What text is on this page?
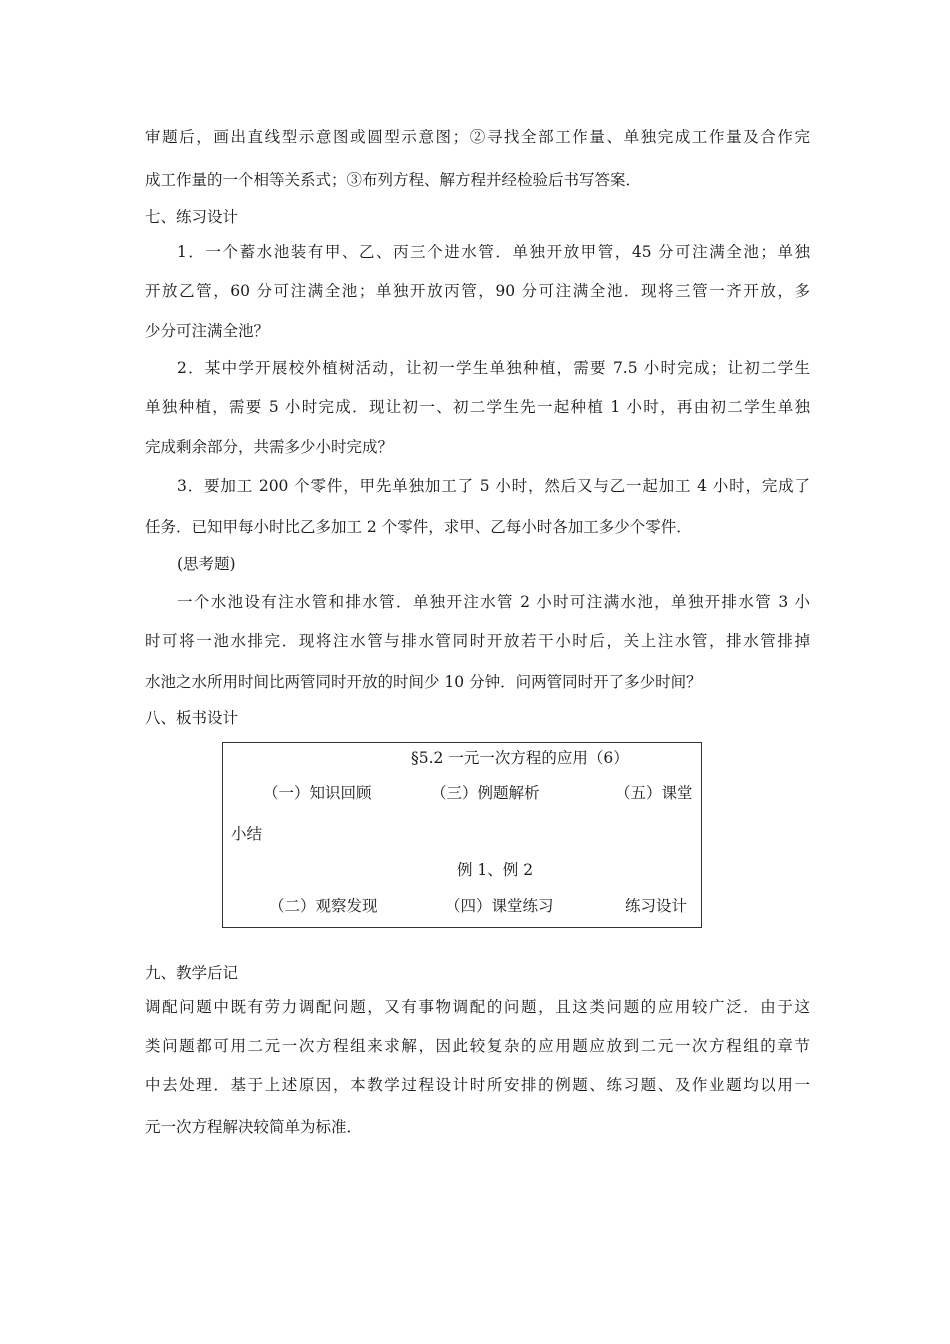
审题后，画出直线型示意图或圆型示意图；②寻找全部工作量、单独完成工作量及合作完
成工作量的一个相等关系式；③布列方程、解方程并经检验后书写答案．
七、练习设计
1．一个蓄水池装有甲、乙、丙三个进水管．单独开放甲管，45 分可注满全池；单独
开放乙管，60 分可注满全池；单独开放丙管，90 分可注满全池．现将三管一齐开放，多
少分可注满全池？
2．某中学开展校外植树活动，让初一学生单独种植，需要 7.5 小时完成；让初二学生
单独种植，需要 5 小时完成．现让初一、初二学生先一起种植 1 小时，再由初二学生单独
完成剩余部分，共需多少小时完成？
3．要加工 200 个零件，甲先单独加工了 5 小时，然后又与乙一起加工 4 小时，完成了
任务．已知甲每小时比乙多加工 2 个零件，求甲、乙每小时各加工多少个零件．
(思考题)
一个水池设有注水管和排水管．单独开注水管 2 小时可注满水池，单独开排水管 3 小
时可将一池水排完．现将注水管与排水管同时开放若干小时后，关上注水管，排水管排掉
水池之水所用时间比两管同时开放的时间少 10 分钟．问两管同时开了多少时间？
八、板书设计
§5.2 一元一次方程的应用（6）
（一）知识回顾	（三）例题解析	（五）课堂
小结
例 1、例 2
（二）观察发现	（四）课堂练习	练习设计
九、教学后记
调配问题中既有劳力调配问题，又有事物调配的问题，且这类问题的应用较广泛．由于这
类问题都可用二元一次方程组来求解，因此较复杂的应用题应放到二元一次方程组的章节
中去处理．基于上述原因，本教学过程设计时所安排的例题、练习题、及作业题均以用一
元一次方程解决较简单为标准．
